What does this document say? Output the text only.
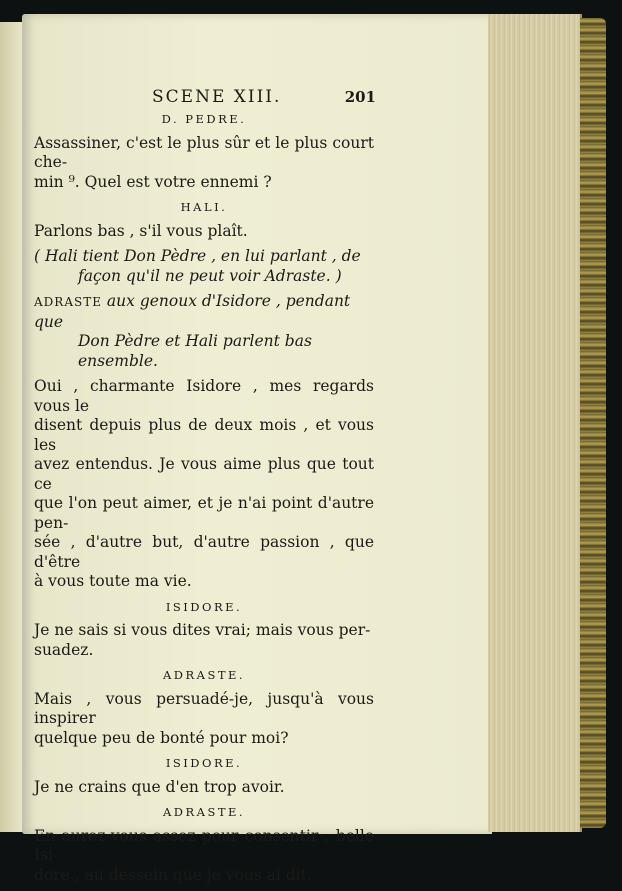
SCENE XIII.	201
D. PEDRE.

Assassiner, c'est le plus sûr et le plus court che-
min ⁹. Quel est votre ennemi ?

HALI.

Parlons bas , s'il vous plaît.

( Hali tient Don Pèdre , en lui parlant , de
façon qu'il ne peut voir Adraste. )

ADRASTE aux genoux d'Isidore , pendant que
Don Pèdre et Hali parlent bas ensemble.

Oui , charmante Isidore , mes regards vous le
disent depuis plus de deux mois , et vous les
avez entendus. Je vous aime plus que tout ce
que l'on peut aimer, et je n'ai point d'autre pen-
sée , d'autre but, d'autre passion , que d'être
à vous toute ma vie.

ISIDORE.

Je ne sais si vous dites vrai; mais vous per-
suadez.

ADRASTE.

Mais , vous persuadé-je, jusqu'à vous inspirer
quelque peu de bonté pour moi?

ISIDORE.

Je ne crains que d'en trop avoir.

ADRASTE.

En aurez-vous assez pour consentir , belle Isi-
dore , au dessein que je vous ai dit.
